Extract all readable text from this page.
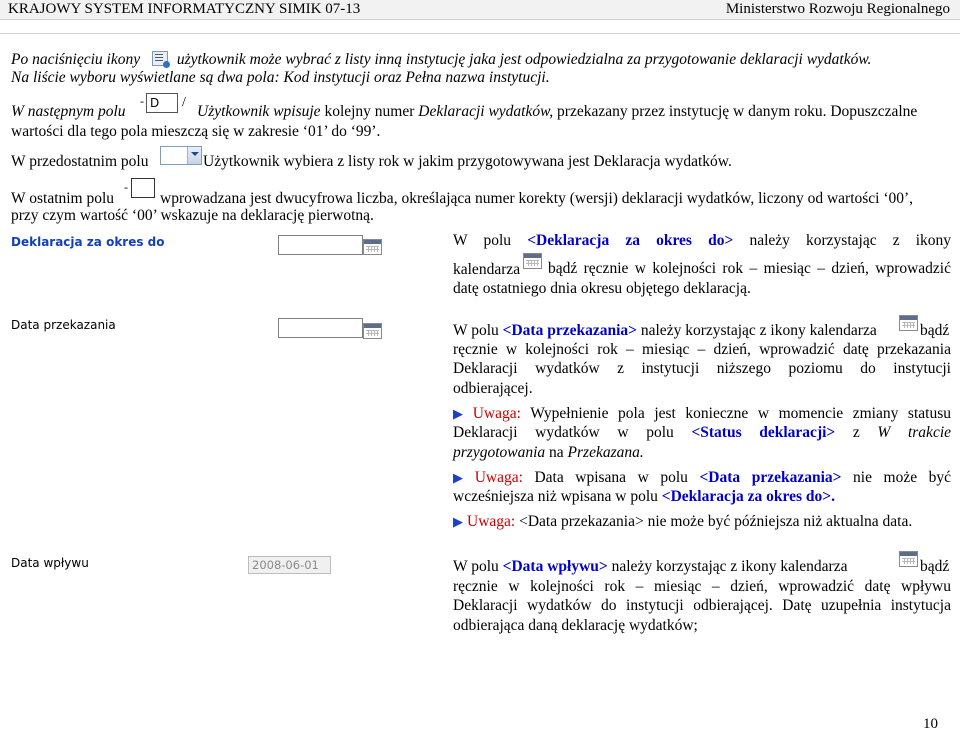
KRAJOWY SYSTEM INFORMATYCZNY SIMIK 07-13	Ministerstwo Rozwoju Regionalnego
Po naciśnięciu ikony użytkownik może wybrać z listy inną instytucję jaka jest odpowiedzialna za przygotowanie deklaracji wydatków.
Na liście wyboru wyświetlane są dwa pola: Kod instytucji oraz Pełna nazwa instytucji.
W następnym polu
- D	/
Użytkownik wpisuje kolejny numer Deklaracji wydatków, przekazany przez instytucję w danym roku. Dopuszczalne
wartości dla tego pola mieszczą się w zakresie ‘01’ do ‘99’.
W przedostatnim polu	Użytkownik wybiera z listy rok w jakim przygotowywana jest Deklaracja wydatków.
W ostatnim polu
-
wprowadzana jest dwucyfrowa liczba, określająca numer korekty (wersji) deklaracji wydatków, liczony od wartości ‘00’,
przy czym wartość ‘00’ wskazuje na deklarację pierwotną.
Deklaracja za okres do
Data przekazania
Data wpływu	2008-06-01
W polu <Deklaracja za okres do> należy korzystając z ikony
kalendarza bądź ręcznie w kolejności rok – miesiąc – dzień, wprowadzić
datę ostatniego dnia okresu objętego deklaracją.
W polu <Data przekazania> należy korzystając z ikony kalendarza	bądź
ręcznie w kolejności rok – miesiąc – dzień, wprowadzić datę przekazania
Deklaracji wydatków z instytucji niższego poziomu do instytucji
odbierającej.
▶ Uwaga: Wypełnienie pola jest konieczne w momencie zmiany statusu
Deklaracji wydatków w polu <Status deklaracji> z W trakcie
przygotowania na Przekazana.
▶ Uwaga: Data wpisana w polu <Data przekazania> nie może być
wcześniejsza niż wpisana w polu <Deklaracja za okres do>.
▶ Uwaga: <Data przekazania> nie może być późniejsza niż aktualna data.
W polu <Data wpływu> należy korzystając z ikony kalendarza	bądź
ręcznie w kolejności rok – miesiąc – dzień, wprowadzić datę wpływu
Deklaracji wydatków do instytucji odbierającej. Datę uzupełnia instytucja
odbierająca daną deklarację wydatków;
10
